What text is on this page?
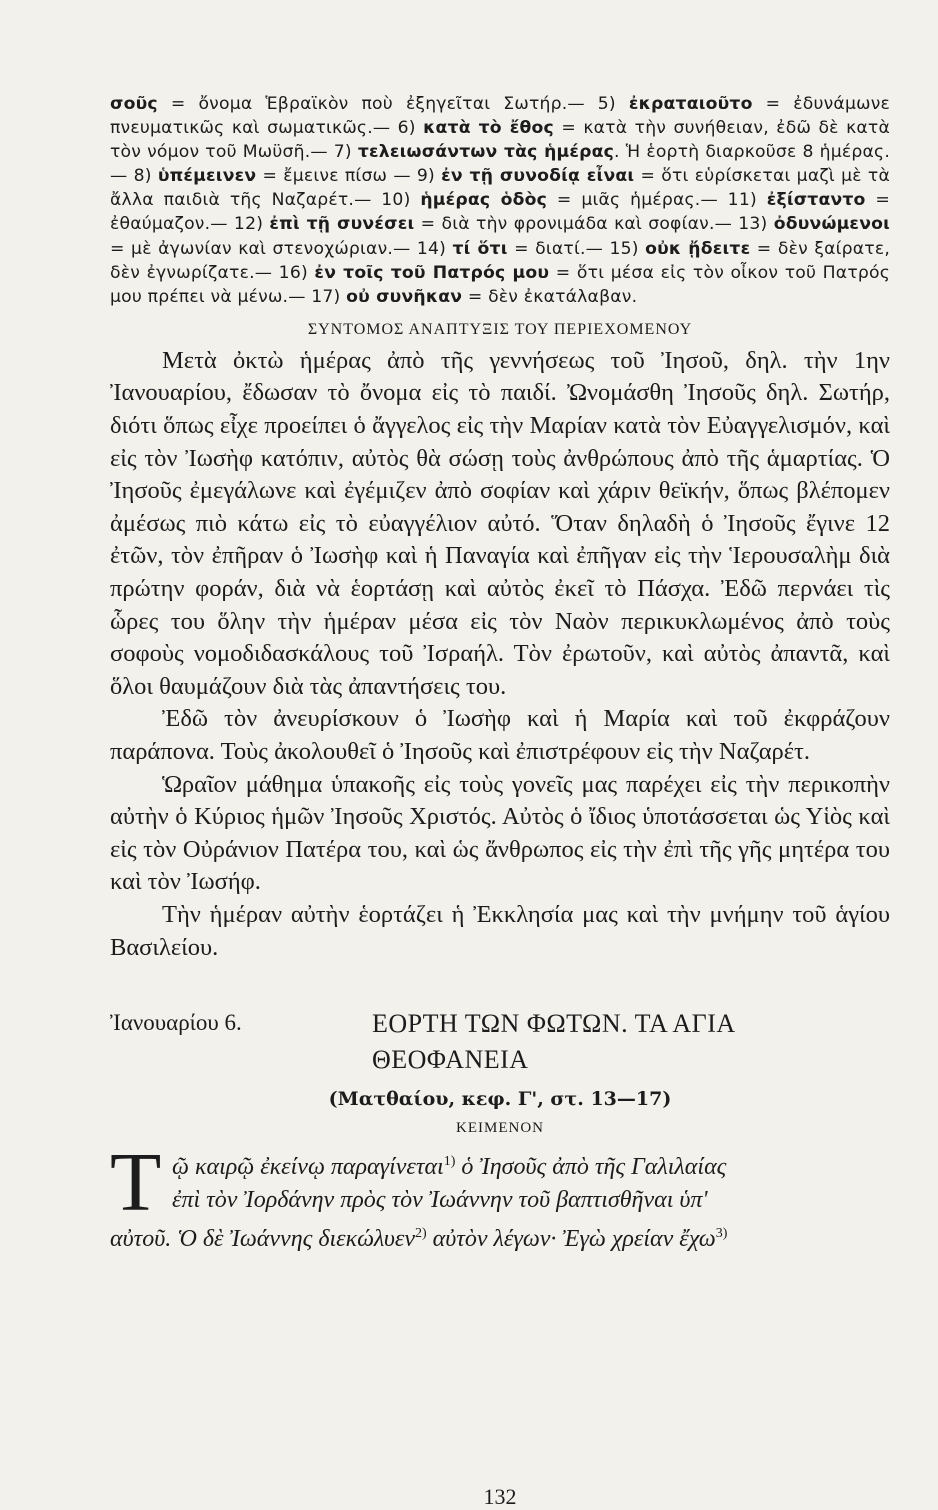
σοῦς = ὄνομα Ἑβραϊκὸν ποὺ ἐξηγεῖται Σωτήρ.— 5) ἐκραταιοῦτο = ἐδυνάμωνε πνευματικῶς καὶ σωματικῶς.— 6) κατὰ τὸ ἔθος = κατὰ τὴν συνήθειαν, ἐδῶ δὲ κατὰ τὸν νόμον τοῦ Μωϋσῆ.— 7) τελειωσάντων τὰς ἡμέρας. Ἡ ἑορτὴ διαρκοῦσε 8 ἡμέρας.— 8) ὑπέμεινεν = ἔμεινε πίσω — 9) ἐν τῇ συνοδίᾳ εἶναι = ὅτι εὑρίσκεται μαζὶ μὲ τὰ ἄλλα παιδιὰ τῆς Ναζαρέτ.— 10) ἡμέρας ὁδὸς = μιᾶς ἡμέρας.— 11) ἐξίσταντο = ἐθαύμαζον.— 12) ἐπὶ τῇ συνέσει = διὰ τὴν φρονιμάδα καὶ σοφίαν.— 13) ὀδυνώμενοι = μὲ ἀγωνίαν καὶ στενοχώριαν.— 14) τί ὅτι = διατί.— 15) οὐκ ᾔδειτε = δὲν ξαίρατε, δὲν ἐγνωρίζατε.— 16) ἐν τοῖς τοῦ Πατρός μου = ὅτι μέσα εἰς τὸν οἶκον τοῦ Πατρός μου πρέπει νὰ μένω.— 17) οὐ συνῆκαν = δὲν ἐκατάλαβαν.

ΣΥΝΤΟΜΟΣ ΑΝΑΠΤΥΞΙΣ ΤΟΥ ΠΕΡΙΕΧΟΜΕΝΟΥ

Μετὰ ὀκτὼ ἡμέρας ἀπὸ τῆς γεννήσεως τοῦ Ἰησοῦ, δηλ. τὴν 1ην Ἰανουαρίου, ἔδωσαν τὸ ὄνομα εἰς τὸ παιδί. Ὠνομάσθη Ἰησοῦς δηλ. Σωτήρ, διότι ὅπως εἶχε προείπει ὁ ἄγγελος εἰς τὴν Μαρίαν κατὰ τὸν Εὐαγγελισμόν, καὶ εἰς τὸν Ἰωσὴφ κατόπιν, αὐτὸς θὰ σώσῃ τοὺς ἀνθρώπους ἀπὸ τῆς ἁμαρτίας. Ὁ Ἰησοῦς ἐμεγάλωνε καὶ ἐγέμιζεν ἀπὸ σοφίαν καὶ χάριν θεϊκήν, ὅπως βλέπομεν ἀμέσως πιὸ κάτω εἰς τὸ εὐαγγέλιον αὐτό. Ὅταν δηλαδὴ ὁ Ἰησοῦς ἔγινε 12 ἐτῶν, τὸν ἐπῆραν ὁ Ἰωσὴφ καὶ ἡ Παναγία καὶ ἐπῆγαν εἰς τὴν Ἱερουσαλὴμ διὰ πρώτην φοράν, διὰ νὰ ἑορτάσῃ καὶ αὐτὸς ἐκεῖ τὸ Πάσχα. Ἐδῶ περνάει τὶς ὧρες του ὅλην τὴν ἡμέραν μέσα εἰς τὸν Ναὸν περικυκλωμένος ἀπὸ τοὺς σοφοὺς νομοδιδασκάλους τοῦ Ἰσραήλ. Τὸν ἐρωτοῦν, καὶ αὐτὸς ἀπαντᾶ, καὶ ὅλοι θαυμάζουν διὰ τὰς ἀπαντήσεις του.

Ἐδῶ τὸν ἀνευρίσκουν ὁ Ἰωσὴφ καὶ ἡ Μαρία καὶ τοῦ ἐκφράζουν παράπονα. Τοὺς ἀκολουθεῖ ὁ Ἰησοῦς καὶ ἐπιστρέφουν εἰς τὴν Ναζαρέτ.

Ὡραῖον μάθημα ὑπακοῆς εἰς τοὺς γονεῖς μας παρέχει εἰς τὴν περικοπὴν αὐτὴν ὁ Κύριος ἡμῶν Ἰησοῦς Χριστός. Αὐτὸς ὁ ἴδιος ὑποτάσσεται ὡς Υἱὸς καὶ εἰς τὸν Οὐράνιον Πατέρα του, καὶ ὡς ἄνθρωπος εἰς τὴν ἐπὶ τῆς γῆς μητέρα του καὶ τὸν Ἰωσήφ.

Τὴν ἡμέραν αὐτὴν ἑορτάζει ἡ Ἐκκλησία μας καὶ τὴν μνήμην τοῦ ἁγίου Βασιλείου.

Ἰανουαρίου 6.	ΕΟΡΤΗ ΤΩΝ ΦΩΤΩΝ. ΤΑ ΑΓΙΑ
ΘΕΟΦΑΝΕΙΑ
(Ματθαίου, κεφ. Γ', στ. 13—17)
ΚΕΙΜΕΝΟΝ
Τ ῷ καιρῷ ἐκείνῳ παραγίνεται$^{1)}$ ὁ Ἰησοῦς ἀπὸ τῆς Γαλιλαίας
ἐπὶ τὸν Ἰορδάνην πρὸς τὸν Ἰωάννην τοῦ βαπτισθῆναι ὑπ'
αὐτοῦ. Ὁ δὲ Ἰωάννης διεκώλυεν$^{2)}$ αὐτὸν λέγων· Ἐγὼ χρείαν ἔχω$^{3)}$
132
